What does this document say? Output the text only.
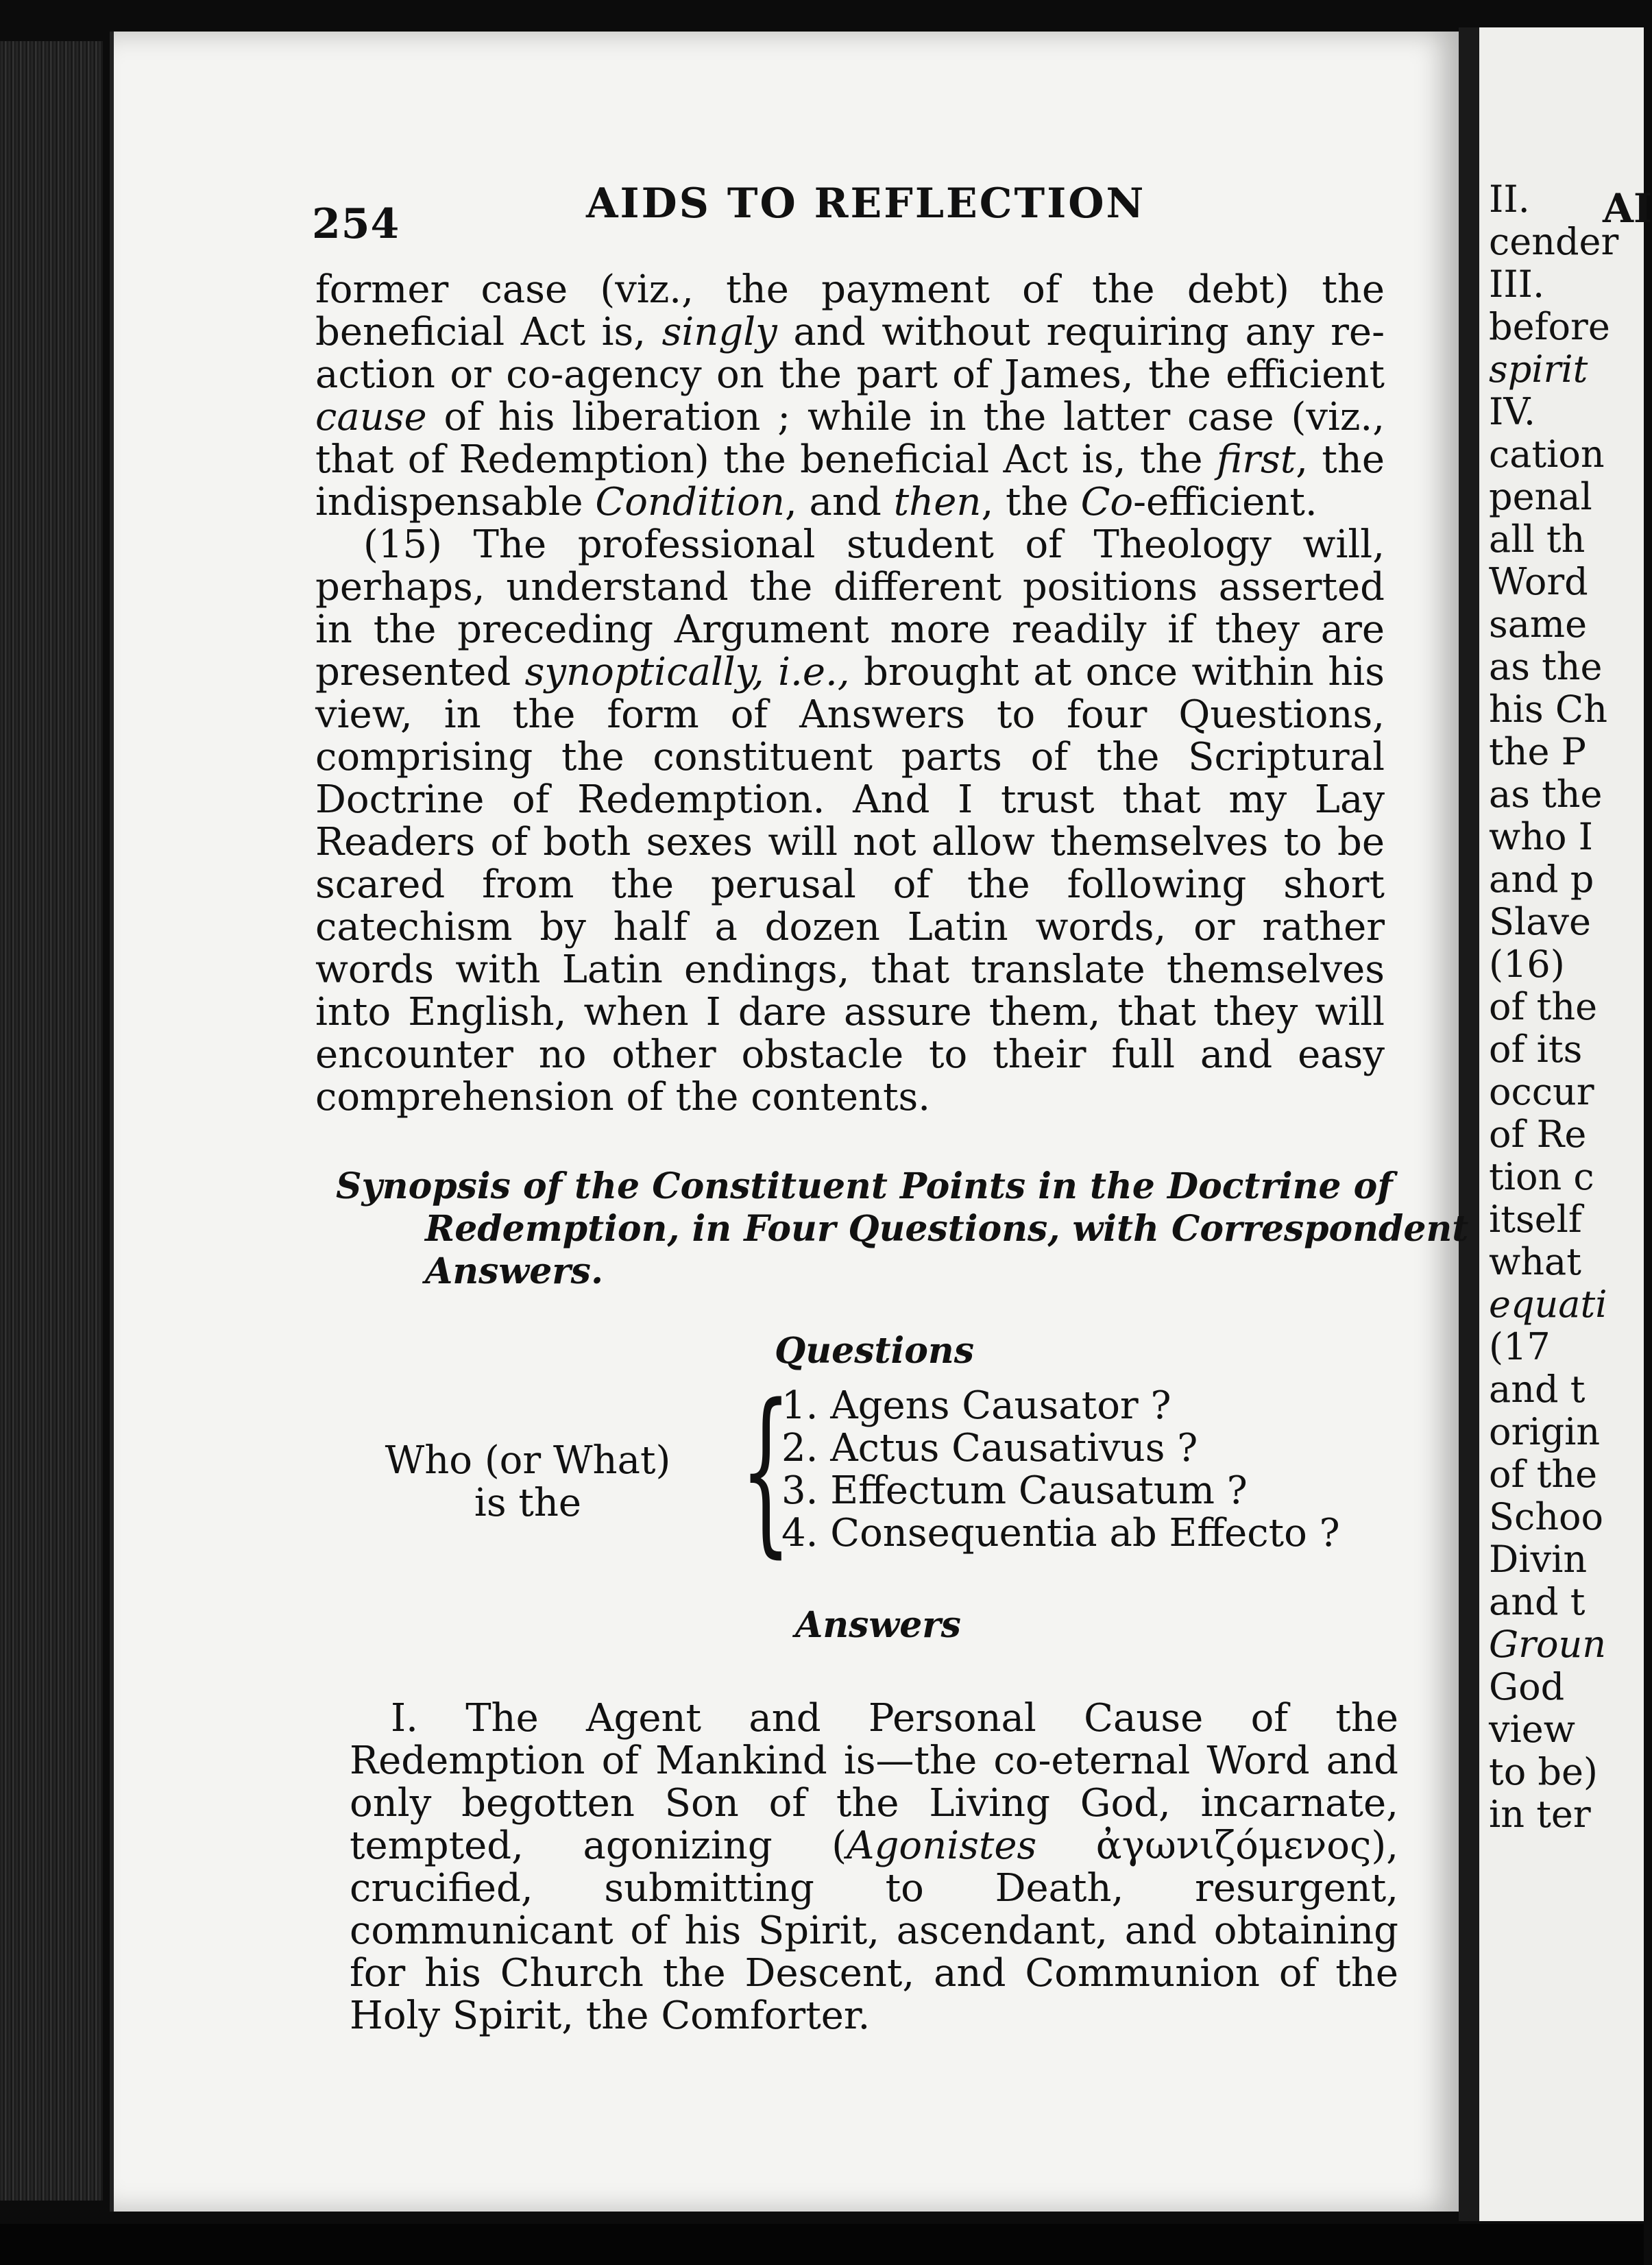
AI
II.
cender
III.
before
spirit
IV.
cation
penal
all th
Word
same
as the
his Ch
the P
as the
who I
and p
Slave
(16)
of the
of its
occur
of Re
tion c
itself
what
equati
(17
and t
origin
of the
Schoo
Divin
and t
Groun
God
view
to be)
in ter
254	AIDS TO REFLECTION

former case (viz., the payment of the debt) the beneficial Act is, singly and without requiring any re-action or co-agency on the part of James, the efficient cause of his liberation ; while in the latter case (viz., that of Redemption) the beneficial Act is, the first, the indispensable Condition, and then, the Co-efficient.

(15) The professional student of Theology will, perhaps, understand the different positions asserted in the preceding Argument more readily if they are presented synoptically, i.e., brought at once within his view, in the form of Answers to four Questions, comprising the constituent parts of the Scriptural Doctrine of Redemption. And I trust that my Lay Readers of both sexes will not allow themselves to be scared from the perusal of the following short catechism by half a dozen Latin words, or rather words with Latin endings, that translate themselves into English, when I dare assure them, that they will encounter no other obstacle to their full and easy comprehension of the contents.

Synopsis of the Constituent Points in the Doctrine of Redemption, in Four Questions, with Correspondent Answers.
Questions
Who (or What)
is the {
1. Agens Causator ?
2. Actus Causativus ?
3. Effectum Causatum ?
4. Consequentia ab Effecto ?
Answers

I. The Agent and Personal Cause of the Redemption of Mankind is—the co-eternal Word and only begotten Son of the Living God, incarnate, tempted, agonizing (Agonistes ἀγωνιζόμενος), crucified, submitting to Death, resurgent, communicant of his Spirit, ascendant, and obtaining for his Church the Descent, and Communion of the Holy Spirit, the Comforter.
